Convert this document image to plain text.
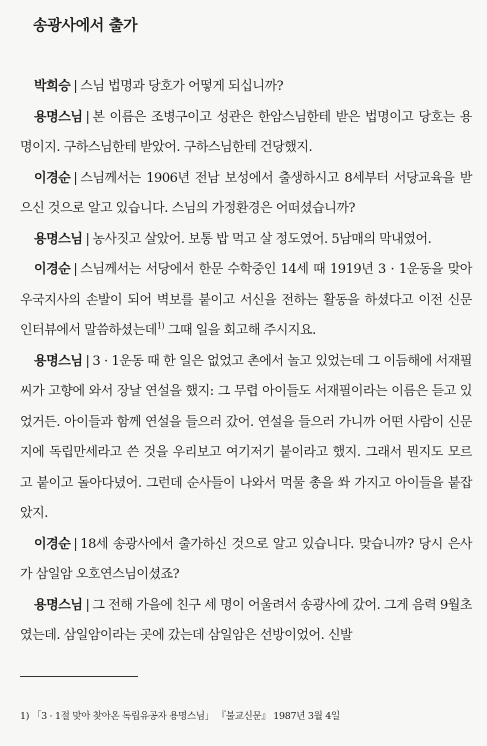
송광사에서 출가

박희승 | 스님 법명과 당호가 어떻게 되십니까?

용명스님 | 본 이름은 조병구이고 성관은 한암스님한테 받은 법명이고 당호는 용명이지. 구하스님한테 받았어. 구하스님한테 건당했지.

이경순 | 스님께서는 1906년 전남 보성에서 출생하시고 8세부터 서당교육을 받으신 것으로 알고 있습니다. 스님의 가정환경은 어떠셨습니까?

용명스님 | 농사짓고 살았어. 보통 밥 먹고 살 정도였어. 5남매의 막내였어.

이경순 | 스님께서는 서당에서 한문 수학중인 14세 때 1919년 3 · 1운동을 맞아 우국지사의 손발이 되어 벽보를 붙이고 서신을 전하는 활동을 하셨다고 이전 신문 인터뷰에서 말씀하셨는데$^{1)}$ 그때 일을 회고해 주시지요.

용명스님 | 3 · 1운동 때 한 일은 없었고 촌에서 놀고 있었는데 그 이듬해에 서재필씨가 고향에 와서 장날 연설을 했지: 그 무렵 아이들도 서재필이라는 이름은 듣고 있었거든. 아이들과 함께 연설을 들으러 갔어. 연설을 들으러 가니까 어떤 사람이 신문지에 독립만세라고 쓴 것을 우리보고 여기저기 붙이라고 했지. 그래서 뭔지도 모르고 붙이고 돌아다녔어. 그런데 순사들이 나와서 먹물 총을 쏴 가지고 아이들을 붙잡았지.

이경순 | 18세 송광사에서 출가하신 것으로 알고 있습니다. 맞습니까? 당시 은사가 삼일암 오호연스님이셨죠?

용명스님 | 그 전해 가을에 친구 세 명이 어울려서 송광사에 갔어. 그게 음력 9월초였는데. 삼일암이라는 곳에 갔는데 삼일암은 선방이었어. 신발

1) 「3 · 1절 맞아 찾아온 독립유공자 용명스님」 『불교신문』 1987년 3월 4일
